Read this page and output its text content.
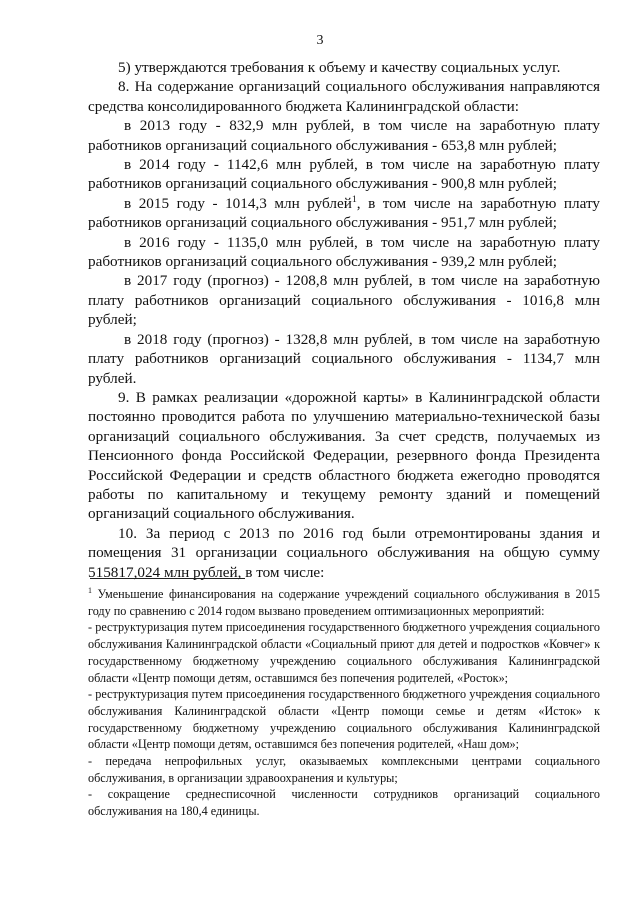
3

5) утверждаются требования к объему и качеству социальных услуг.

8. На содержание организаций социального обслуживания направляются средства консолидированного бюджета Калининградской области:

в 2013 году - 832,9 млн рублей, в том числе на заработную плату работников организаций социального обслуживания - 653,8 млн рублей;

в 2014 году - 1142,6 млн рублей, в том числе на заработную плату работников организаций социального обслуживания - 900,8 млн рублей;

в 2015 году - 1014,3 млн рублей$^1$, в том числе на заработную плату работников организаций социального обслуживания - 951,7 млн рублей;

в 2016 году - 1135,0 млн рублей, в том числе на заработную плату работников организаций социального обслуживания - 939,2 млн рублей;

в 2017 году (прогноз) - 1208,8 млн рублей, в том числе на заработную плату работников организаций социального обслуживания - 1016,8 млн рублей;

в 2018 году (прогноз) - 1328,8 млн рублей, в том числе на заработную плату работников организаций социального обслуживания - 1134,7 млн рублей.

9. В рамках реализации «дорожной карты» в Калининградской области постоянно проводится работа по улучшению материально-технической базы организаций социального обслуживания. За счет средств, получаемых из Пенсионного фонда Российской Федерации, резервного фонда Президента Российской Федерации и средств областного бюджета ежегодно проводятся работы по капитальному и текущему ремонту зданий и помещений организаций социального обслуживания.

10. За период с 2013 по 2016 год были отремонтированы здания и помещения 31 организации социального обслуживания на общую сумму 515817,024 млн рублей, в том числе:

$^1$ Уменьшение финансирования на содержание учреждений социального обслуживания в 2015 году по сравнению с 2014 годом вызвано проведением оптимизационных мероприятий:

- реструктуризация путем присоединения государственного бюджетного учреждения социального обслуживания Калининградской области «Социальный приют для детей и подростков «Ковчег» к государственному бюджетному учреждению социального обслуживания Калининградской области «Центр помощи детям, оставшимся без попечения родителей, «Росток»;

- реструктуризация путем присоединения государственного бюджетного учреждения социального обслуживания Калининградской области «Центр помощи семье и детям «Исток» к государственному бюджетному учреждению социального обслуживания Калининградской области «Центр помощи детям, оставшимся без попечения родителей, «Наш дом»;

- передача непрофильных услуг, оказываемых комплексными центрами социального обслуживания, в организации здравоохранения и культуры;

- сокращение среднесписочной численности сотрудников организаций социального обслуживания на 180,4 единицы.
